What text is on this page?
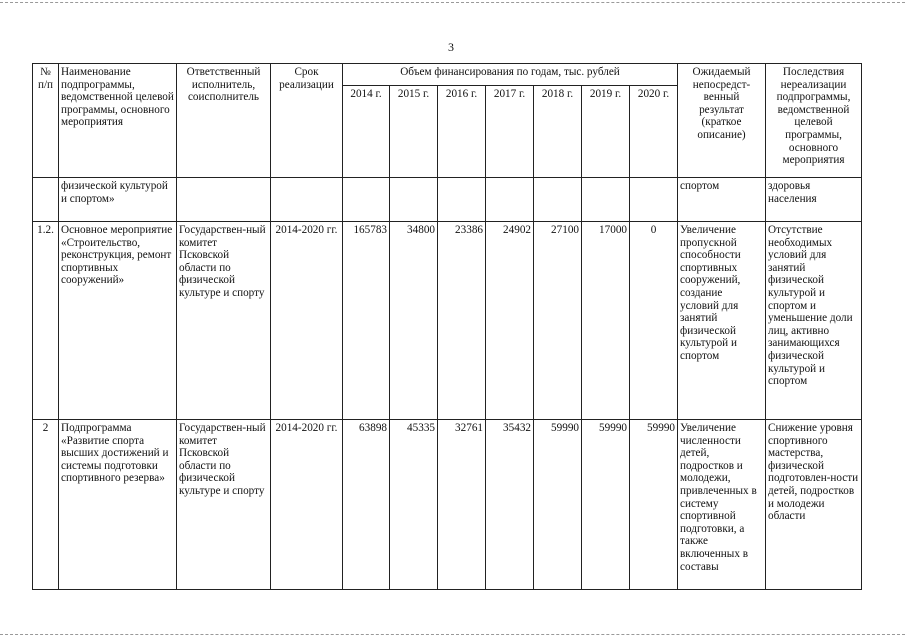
3
№ п/п	Наименование подпрограммы, ведомственной целевой программы, основного мероприятия	Ответственный исполнитель, соисполнитель	Срок реализации	Объем финансирования по годам, тыс. рублей							Ожидаемый непосредст-венный результат (краткое описание)	Последствия нереализации подпрограммы, ведомственной целевой программы, основного мероприятия
				2014 г.	2015 г.	2016 г.	2017 г.	2018 г.	2019 г.	2020 г.		
	физической культурой и спортом»										спортом	здоровья населения
1.2.	Основное мероприятие «Строительство, реконструкция, ремонт спортивных сооружений»	Государствен-ный комитет Псковской области по физической культуре и спорту	2014-2020 гг.	165783	34800	23386	24902	27100	17000	0	Увеличение пропускной способности спортивных сооружений, создание условий для занятий физической культурой и спортом	Отсутствие необходимых условий для занятий физической культурой и спортом и уменьшение доли лиц, активно занимающихся физической культурой и спортом
2	Подпрограмма «Развитие спорта высших достижений и системы подготовки спортивного резерва»	Государствен-ный комитет Псковской области по физической культуре и спорту	2014-2020 гг.	63898	45335	32761	35432	59990	59990	59990	Увеличение численности детей, подростков и молодежи, привлеченных в систему спортивной подготовки, а также включенных в составы	Снижение уровня спортивного мастерства, физической подготовлен-ности детей, подростков и молодежи области
